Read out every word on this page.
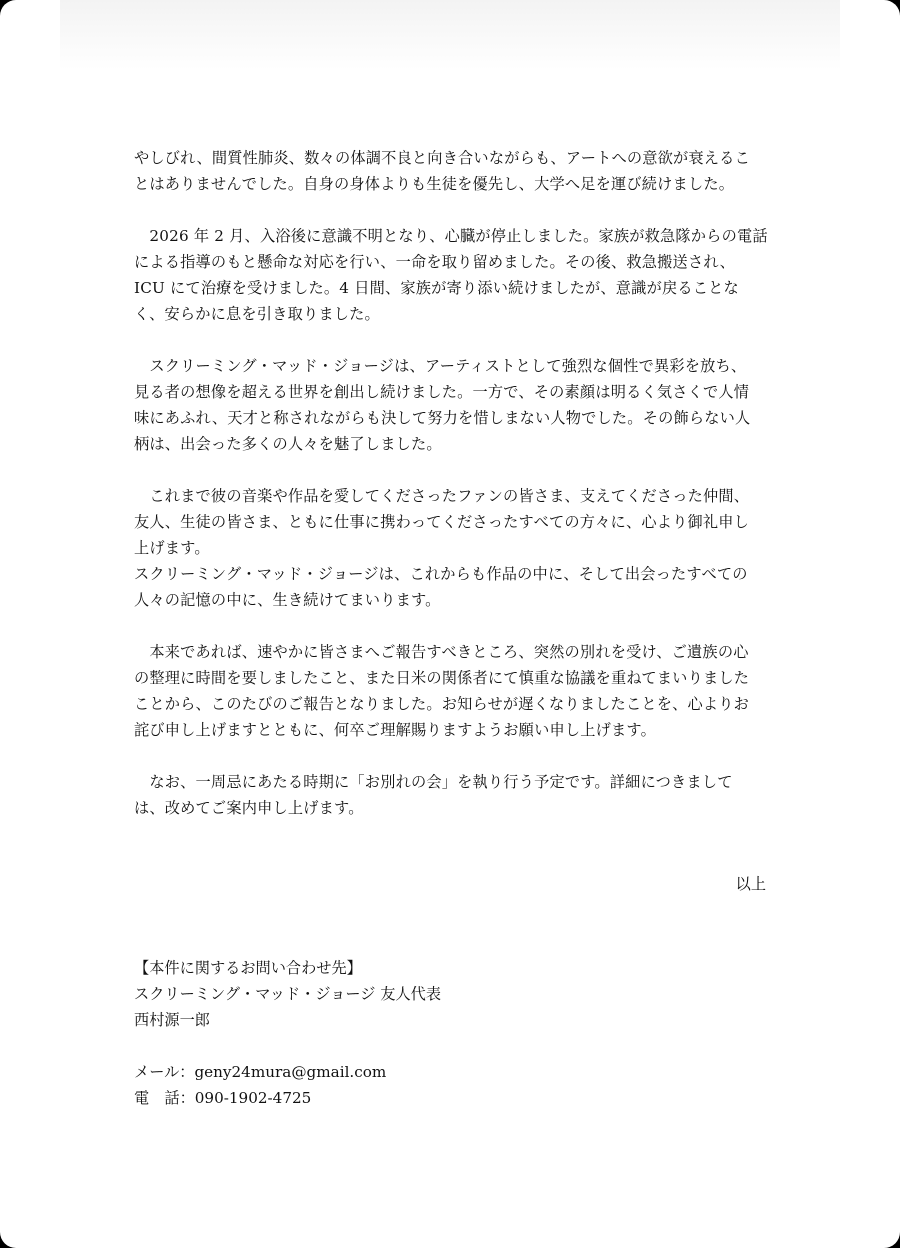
やしびれ、間質性肺炎、数々の体調不良と向き合いながらも、アートへの意欲が衰えるこ

とはありませんでした。自身の身体よりも生徒を優先し、大学へ足を運び続けました。

　2026 年 2 月、入浴後に意識不明となり、心臓が停止しました。家族が救急隊からの電話

による指導のもと懸命な対応を行い、一命を取り留めました。その後、救急搬送され、

ICU にて治療を受けました。4 日間、家族が寄り添い続けましたが、意識が戻ることな

く、安らかに息を引き取りました。

　スクリーミング・マッド・ジョージは、アーティストとして強烈な個性で異彩を放ち、

見る者の想像を超える世界を創出し続けました。一方で、その素顔は明るく気さくで人情

味にあふれ、天才と称されながらも決して努力を惜しまない人物でした。その飾らない人

柄は、出会った多くの人々を魅了しました。

　これまで彼の音楽や作品を愛してくださったファンの皆さま、支えてくださった仲間、

友人、生徒の皆さま、ともに仕事に携わってくださったすべての方々に、心より御礼申し

上げます。

スクリーミング・マッド・ジョージは、これからも作品の中に、そして出会ったすべての

人々の記憶の中に、生き続けてまいります。

　本来であれば、速やかに皆さまへご報告すべきところ、突然の別れを受け、ご遺族の心

の整理に時間を要しましたこと、また日米の関係者にて慎重な協議を重ねてまいりました

ことから、このたびのご報告となりました。お知らせが遅くなりましたことを、心よりお

詫び申し上げますとともに、何卒ご理解賜りますようお願い申し上げます。

　なお、一周忌にあたる時期に「お別れの会」を執り行う予定です。詳細につきまして

は、改めてご案内申し上げます。

以上

【本件に関するお問い合わせ先】

スクリーミング・マッド・ジョージ 友人代表

西村源一郎

メール：geny24mura@gmail.com

電　話：090-1902-4725
